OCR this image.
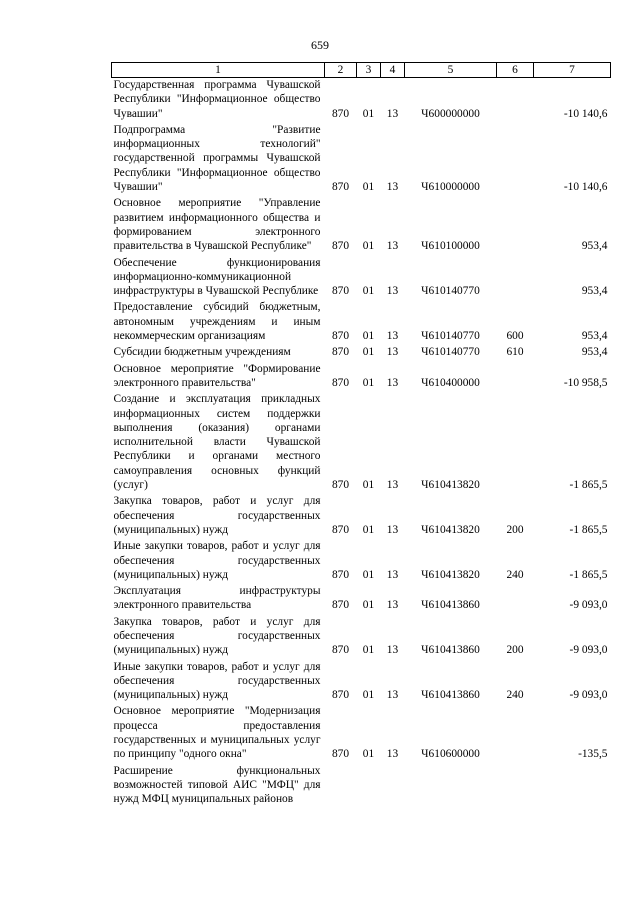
659
1	2	3	4	5	6	7
Государственная программа Чувашской Республики "Информационное общество Чувашии"	870	01	13	Ч600000000		-10 140,6
Подпрограмма "Развитие информационных технологий" государственной программы Чувашской Республики "Информационное общество Чувашии"	870	01	13	Ч610000000		-10 140,6
Основное мероприятие "Управление развитием информационного общества и формированием электронного правительства в Чувашской Республике"	870	01	13	Ч610100000		953,4
Обеспечение функционирования информационно-коммуникационной инфраструктуры в Чувашской Республике	870	01	13	Ч610140770		953,4
Предоставление субсидий бюджетным, автономным учреждениям и иным некоммерческим организациям	870	01	13	Ч610140770	600	953,4
Субсидии бюджетным учреждениям	870	01	13	Ч610140770	610	953,4
Основное мероприятие "Формирование электронного правительства"	870	01	13	Ч610400000		-10 958,5
Создание и эксплуатация прикладных информационных систем поддержки выполнения (оказания) органами исполнительной власти Чувашской Республики и органами местного самоуправления основных функций (услуг)	870	01	13	Ч610413820		-1 865,5
Закупка товаров, работ и услуг для обеспечения государственных (муниципальных) нужд	870	01	13	Ч610413820	200	-1 865,5
Иные закупки товаров, работ и услуг для обеспечения государственных (муниципальных) нужд	870	01	13	Ч610413820	240	-1 865,5
Эксплуатация инфраструктуры электронного правительства	870	01	13	Ч610413860		-9 093,0
Закупка товаров, работ и услуг для обеспечения государственных (муниципальных) нужд	870	01	13	Ч610413860	200	-9 093,0
Иные закупки товаров, работ и услуг для обеспечения государственных (муниципальных) нужд	870	01	13	Ч610413860	240	-9 093,0
Основное мероприятие "Модернизация процесса предоставления государственных и муниципальных услуг по принципу "одного окна"	870	01	13	Ч610600000		-135,5
Расширение функциональных возможностей типовой АИС "МФЦ" для нужд МФЦ муниципальных районов						
